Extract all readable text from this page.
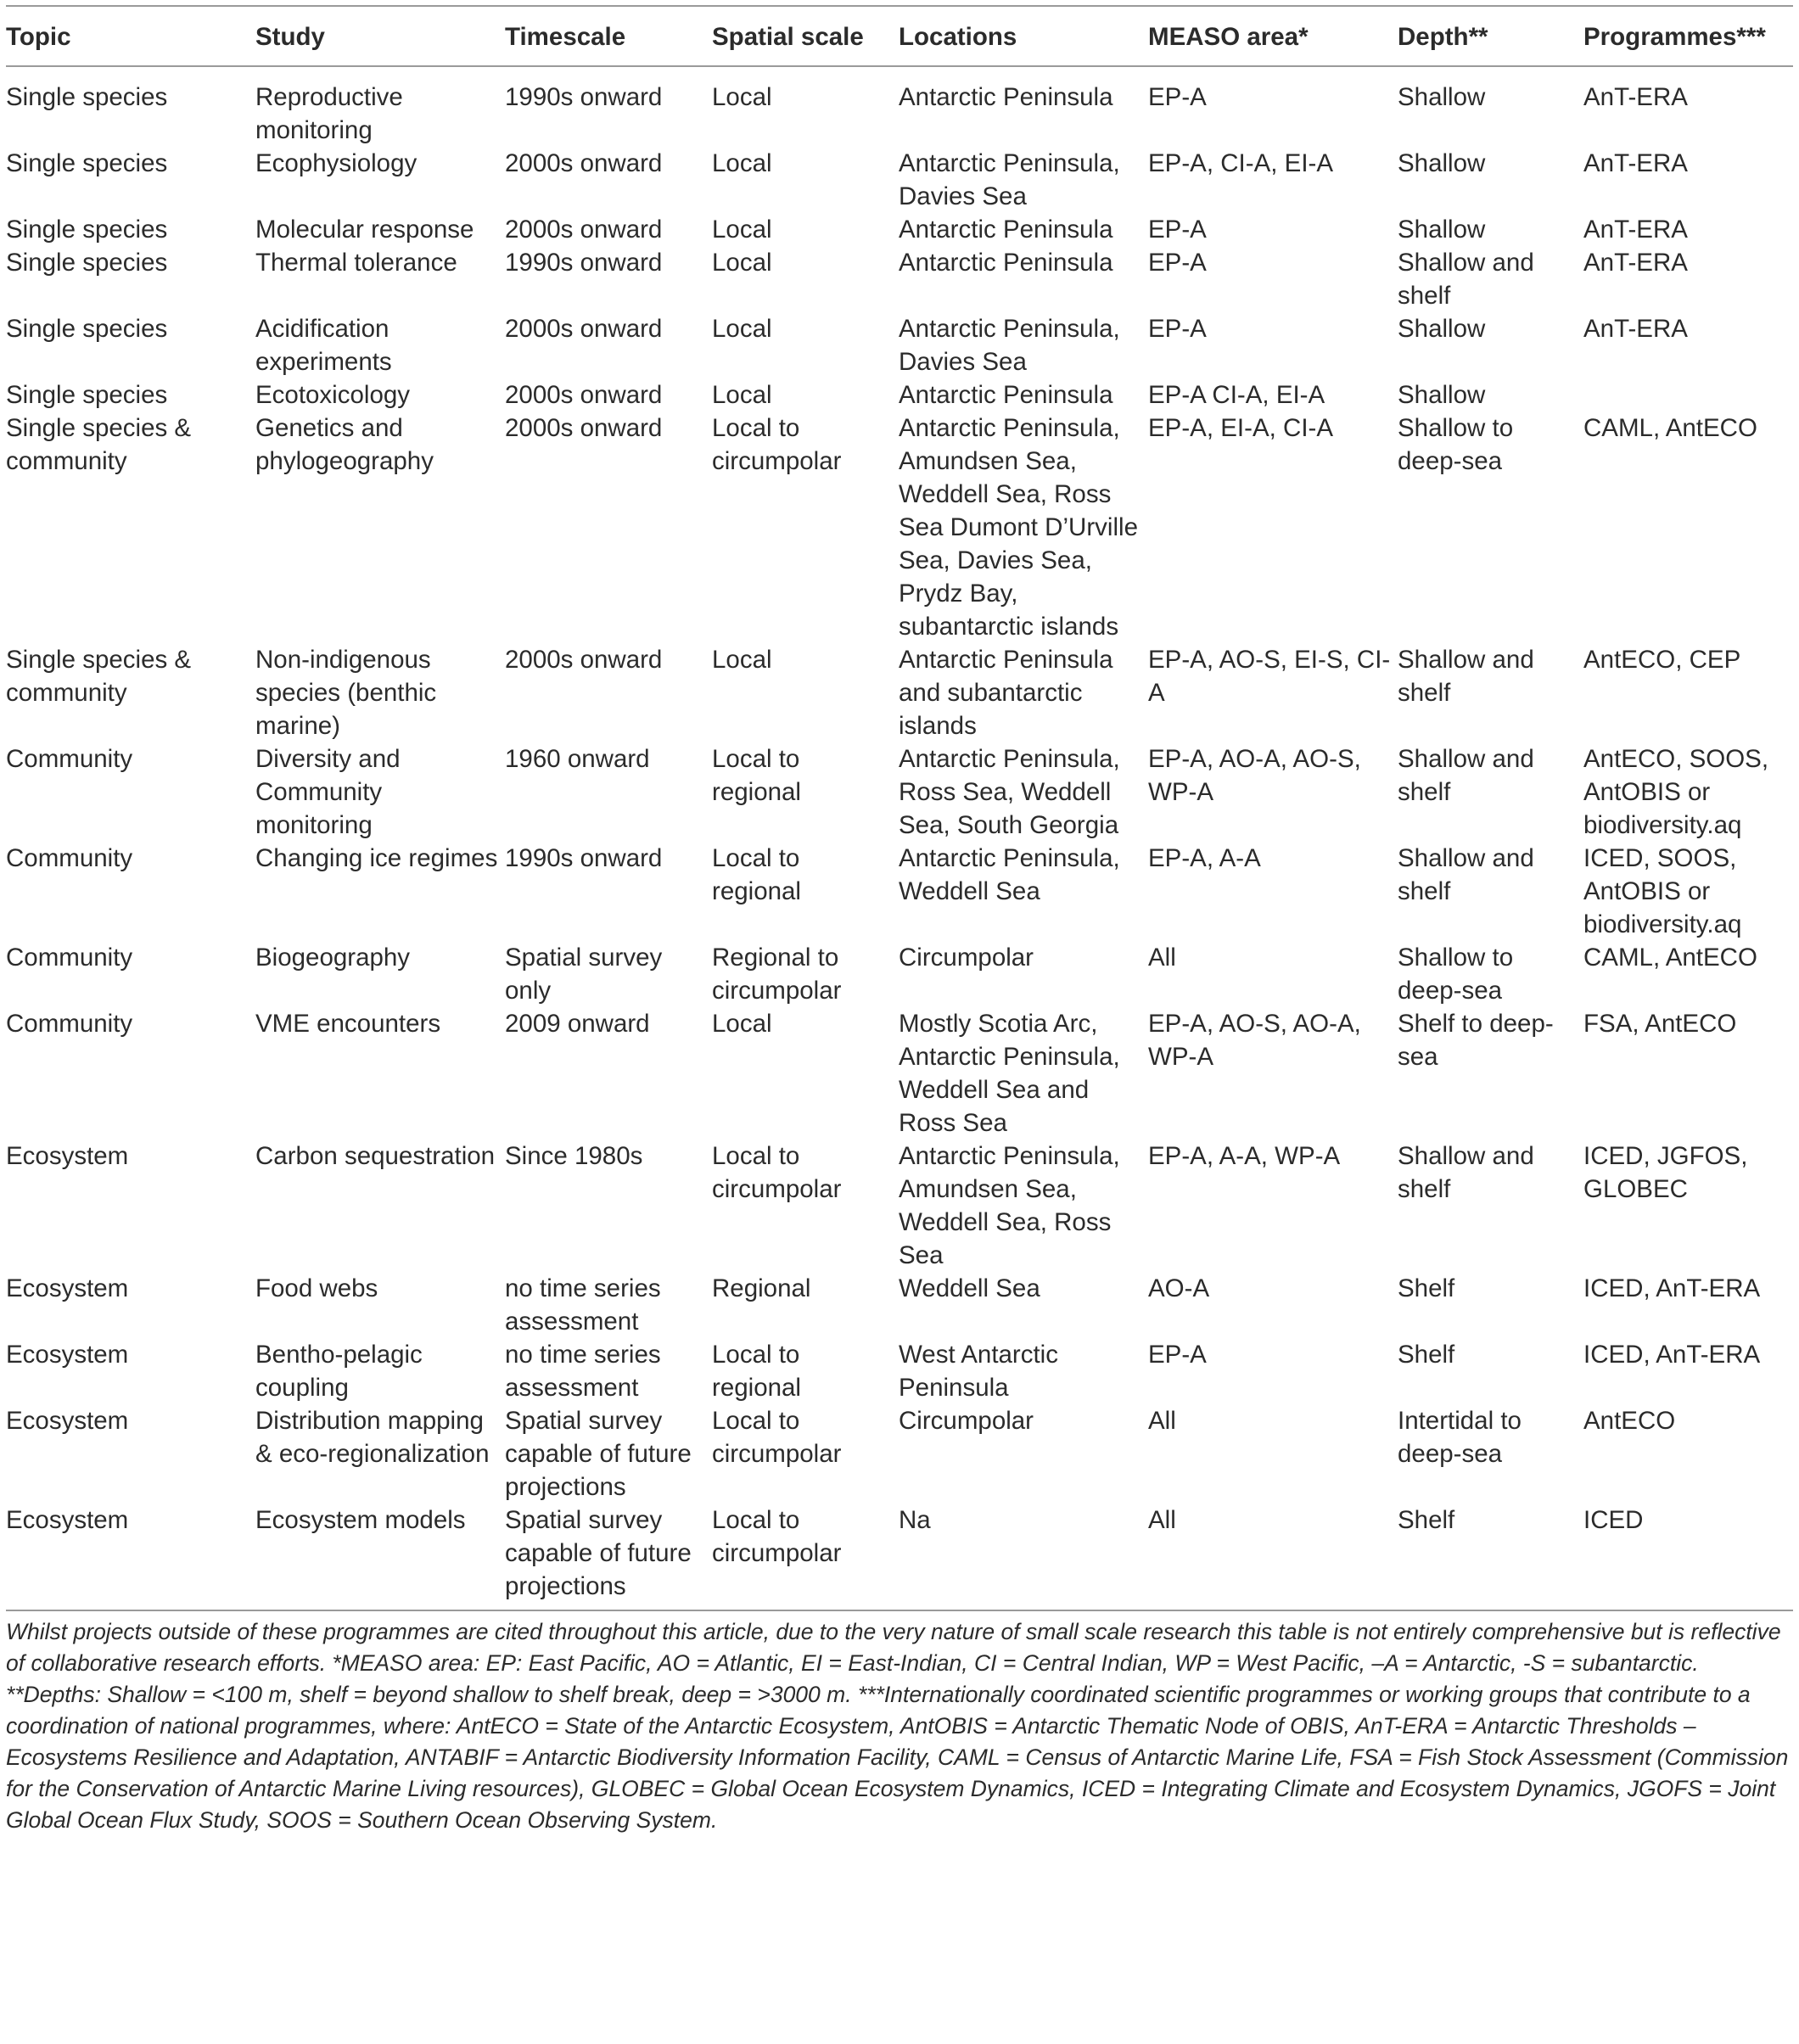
Topic	Study	Timescale	Spatial scale	Locations	MEASO area*	Depth**	Programmes***
Single species	Reproductive monitoring	1990s onward	Local	Antarctic Peninsula	EP-A	Shallow	AnT-ERA
Single species	Ecophysiology	2000s onward	Local	Antarctic Peninsula, Davies Sea	EP-A, CI-A, EI-A	Shallow	AnT-ERA
Single species	Molecular response	2000s onward	Local	Antarctic Peninsula	EP-A	Shallow	AnT-ERA
Single species	Thermal tolerance	1990s onward	Local	Antarctic Peninsula	EP-A	Shallow and shelf	AnT-ERA
Single species	Acidification experiments	2000s onward	Local	Antarctic Peninsula, Davies Sea	EP-A	Shallow	AnT-ERA
Single species	Ecotoxicology	2000s onward	Local	Antarctic Peninsula	EP-A CI-A, EI-A	Shallow	
Single species & community	Genetics and phylogeography	2000s onward	Local to circumpolar	Antarctic Peninsula, Amundsen Sea, Weddell Sea, Ross Sea Dumont D’Urville Sea, Davies Sea, Prydz Bay, subantarctic islands	EP-A, EI-A, CI-A	Shallow to deep-sea	CAML, AntECO
Single species & community	Non-indigenous species (benthic marine)	2000s onward	Local	Antarctic Peninsula and subantarctic islands	EP-A, AO-S, EI-S, CI-A	Shallow and shelf	AntECO, CEP
Community	Diversity and Community monitoring	1960 onward	Local to regional	Antarctic Peninsula, Ross Sea, Weddell Sea, South Georgia	EP-A, AO-A, AO-S, WP-A	Shallow and shelf	AntECO, SOOS, AntOBIS or biodiversity.aq
Community	Changing ice regimes	1990s onward	Local to regional	Antarctic Peninsula, Weddell Sea	EP-A, A-A	Shallow and shelf	ICED, SOOS, AntOBIS or biodiversity.aq
Community	Biogeography	Spatial survey only	Regional to circumpolar	Circumpolar	All	Shallow to deep-sea	CAML, AntECO
Community	VME encounters	2009 onward	Local	Mostly Scotia Arc, Antarctic Peninsula, Weddell Sea and Ross Sea	EP-A, AO-S, AO-A, WP-A	Shelf to deep-sea	FSA, AntECO
Ecosystem	Carbon sequestration	Since 1980s	Local to circumpolar	Antarctic Peninsula, Amundsen Sea, Weddell Sea, Ross Sea	EP-A, A-A, WP-A	Shallow and shelf	ICED, JGFOS, GLOBEC
Ecosystem	Food webs	no time series assessment	Regional	Weddell Sea	AO-A	Shelf	ICED, AnT-ERA
Ecosystem	Bentho-pelagic coupling	no time series assessment	Local to regional	West Antarctic Peninsula	EP-A	Shelf	ICED, AnT-ERA
Ecosystem	Distribution mapping & eco-regionalization	Spatial survey capable of future projections	Local to circumpolar	Circumpolar	All	Intertidal to deep-sea	AntECO
Ecosystem	Ecosystem models	Spatial survey capable of future projections	Local to circumpolar	Na	All	Shelf	ICED
Whilst projects outside of these programmes are cited throughout this article, due to the very nature of small scale research this table is not entirely comprehensive but is reflective of collaborative research efforts. *MEASO area: EP: East Pacific, AO = Atlantic, EI = East-Indian, CI = Central Indian, WP = West Pacific, –A = Antarctic, -S = subantarctic. **Depths: Shallow = <100 m, shelf = beyond shallow to shelf break, deep = >3000 m. ***Internationally coordinated scientific programmes or working groups that contribute to a coordination of national programmes, where: AntECO = State of the Antarctic Ecosystem, AntOBIS = Antarctic Thematic Node of OBIS, AnT-ERA = Antarctic Thresholds – Ecosystems Resilience and Adaptation, ANTABIF = Antarctic Biodiversity Information Facility, CAML = Census of Antarctic Marine Life, FSA = Fish Stock Assessment (Commission for the Conservation of Antarctic Marine Living resources), GLOBEC = Global Ocean Ecosystem Dynamics, ICED = Integrating Climate and Ecosystem Dynamics, JGOFS = Joint Global Ocean Flux Study, SOOS = Southern Ocean Observing System.
